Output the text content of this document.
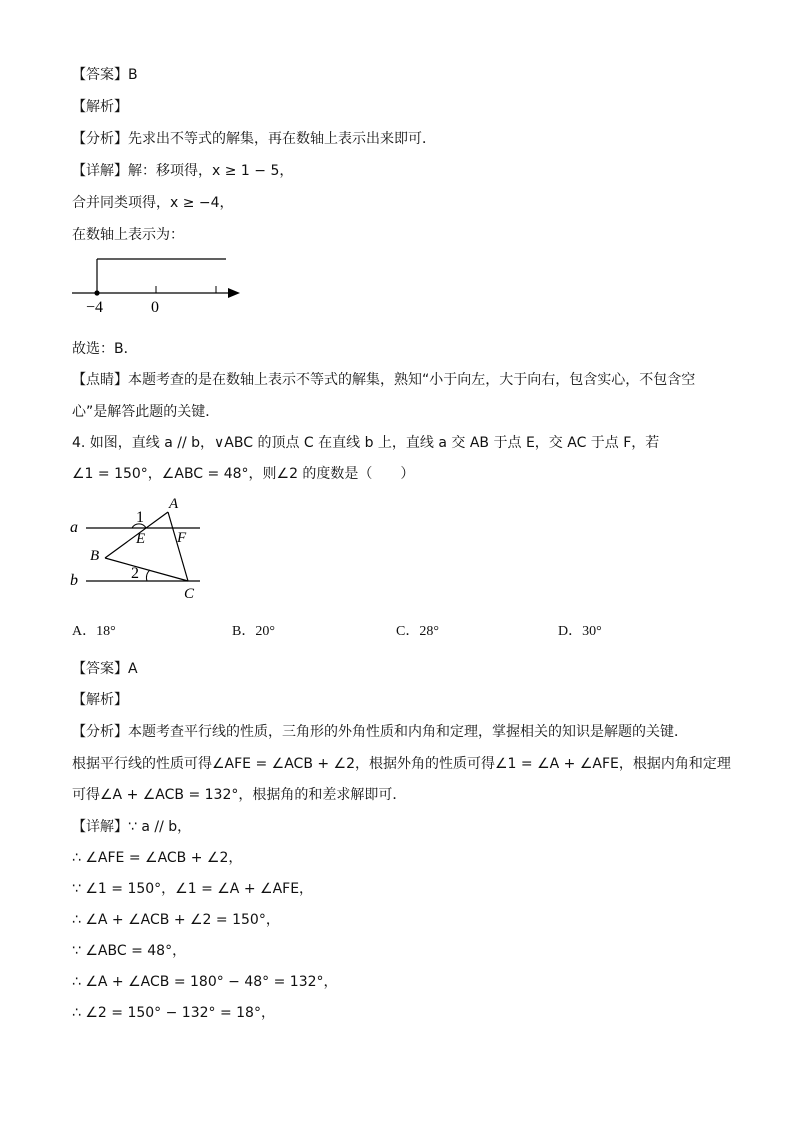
【答案】B
【解析】
【分析】先求出不等式的解集，再在数轴上表示出来即可．
【详解】解：移项得，x ≥ 1 − 5，
合并同类项得，x ≥ −4，
在数轴上表示为：
−4	0
故选：B．
【点睛】本题考查的是在数轴上表示不等式的解集，熟知“小于向左，大于向右，包含实心，不包含空
心”是解答此题的关键．
4. 如图，直线 a // b，∨ABC 的顶点 C 在直线 b 上，直线 a 交 AB 于点 E，交 AC 于点 F，若
∠1 = 150°，∠ABC = 48°，则∠2 的度数是（　　）
a
b
A
B
C
E F
1
2
A．18°	B．20°	C．28°	D．30°
【答案】A
【解析】
【分析】本题考查平行线的性质，三角形的外角性质和内角和定理，掌握相关的知识是解题的关键．
根据平行线的性质可得∠AFE = ∠ACB + ∠2，根据外角的性质可得∠1 = ∠A + ∠AFE，根据内角和定理
可得∠A + ∠ACB = 132°，根据角的和差求解即可．
【详解】∵ a // b，
∴ ∠AFE = ∠ACB + ∠2，
∵ ∠1 = 150°，∠1 = ∠A + ∠AFE，
∴ ∠A + ∠ACB + ∠2 = 150°，
∵ ∠ABC = 48°，
∴ ∠A + ∠ACB = 180° − 48° = 132°，
∴ ∠2 = 150° − 132° = 18°，
